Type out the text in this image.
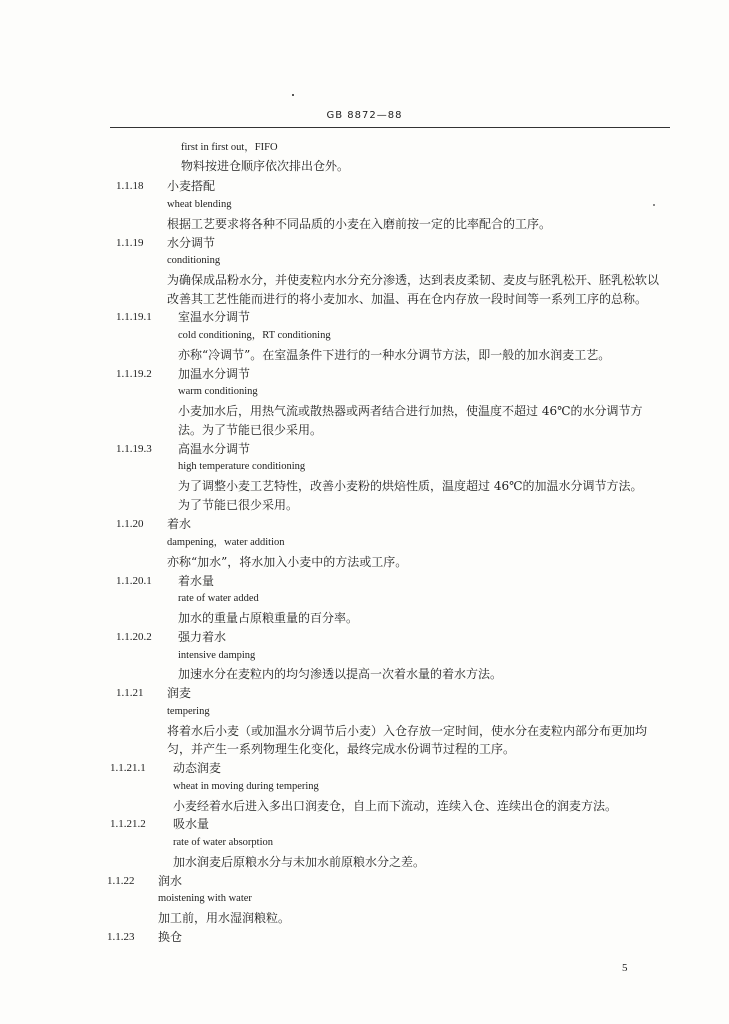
GB 8872—88
first in first out，FIFO
物料按进仓顺序依次排出仓外。
1.1.18 小麦搭配
wheat blending
根据工艺要求将各种不同品质的小麦在入磨前按一定的比率配合的工序。
1.1.19 水分调节
conditioning
为确保成品粉水分，并使麦粒内水分充分渗透，达到表皮柔韧、麦皮与胚乳松开、胚乳松软以
改善其工艺性能而进行的将小麦加水、加温、再在仓内存放一段时间等一系列工序的总称。
1.1.19.1 室温水分调节
cold conditioning，RT conditioning
亦称“冷调节”。在室温条件下进行的一种水分调节方法，即一般的加水润麦工艺。
1.1.19.2 加温水分调节
warm conditioning
小麦加水后，用热气流或散热器或两者结合进行加热，使温度不超过 46℃的水分调节方
法。为了节能已很少采用。
1.1.19.3 高温水分调节
high temperature conditioning
为了调整小麦工艺特性，改善小麦粉的烘焙性质，温度超过 46℃的加温水分调节方法。
为了节能已很少采用。
1.1.20 着水
dampening，water addition
亦称“加水”，将水加入小麦中的方法或工序。
1.1.20.1 着水量
rate of water added
加水的重量占原粮重量的百分率。
1.1.20.2 强力着水
intensive damping
加速水分在麦粒内的均匀渗透以提高一次着水量的着水方法。
1.1.21 润麦
tempering
将着水后小麦（或加温水分调节后小麦）入仓存放一定时间，使水分在麦粒内部分布更加均
匀，并产生一系列物理生化变化，最终完成水份调节过程的工序。
1.1.21.1 动态润麦
wheat in moving during tempering
小麦经着水后进入多出口润麦仓，自上而下流动，连续入仓、连续出仓的润麦方法。
1.1.21.2 吸水量
rate of water absorption
加水润麦后原粮水分与未加水前原粮水分之差。
1.1.22 润水
moistening with water
加工前，用水湿润粮粒。
1.1.23 换仓
5
